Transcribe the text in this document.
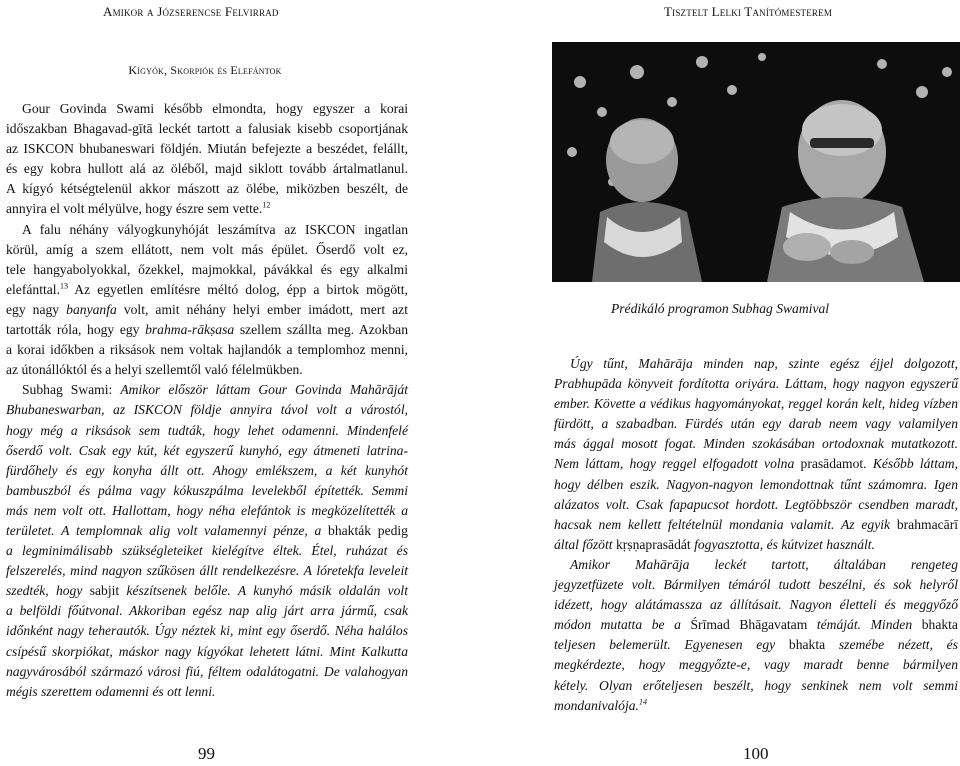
Amikor a Józserencse Felvirrad
Kígyók, Skorpiók és Elefántok
Gour Govinda Swami később elmondta, hogy egyszer a korai
időszakban Bhagavad-gītā leckét tartott a falusiak kisebb csoportjának
az ISKCON bhubaneswari földjén. Miután befejezte a beszédet, felállt,
és egy kobra hullott alá az öléből, majd siklott tovább ártalmatlanul.
A kígyó kétségtelenül akkor mászott az ölébe, miközben beszélt, de
annyira el volt mélyülve, hogy észre sem vette.$^{12}$
A falu néhány vályogkunyhóját leszámítva az ISKCON ingatlan
körül, amíg a szem ellátott, nem volt más épület. Őserdő volt ez,
tele hangyabolyokkal, őzekkel, majmokkal, pávákkal és egy alkalmi
elefánttal.$^{13}$ Az egyetlen említésre méltó dolog, épp a birtok mögött,
egy nagy banyanfa volt, amit néhány helyi ember imádott, mert azt
tartották róla, hogy egy brahma-rākṣasa szellem szállta meg. Azokban
a korai időkben a riksások nem voltak hajlandók a templomhoz menni,
az útonállóktól és a helyi szellemtől való félelmükben.
Subhag Swami: Amikor először láttam Gour Govinda Mahārāját
Bhubaneswarban, az ISKCON földje annyira távol volt a várostól,
hogy még a riksások sem tudták, hogy lehet odamenni. Mindenfelé
őserdő volt. Csak egy kút, két egyszerű kunyhó, egy átmeneti latrina-
fürdőhely és egy konyha állt ott. Ahogy emlékszem, a két kunyhót
bambuszból és pálma vagy kókuszpálma levelekből építették. Semmi
más nem volt ott. Hallottam, hogy néha elefántok is megközelítették a
területet. A templomnak alig volt valamennyi pénze, a bhakták pedig
a legminimálisabb szükségleteiket kielégítve éltek. Étel, ruházat és
felszerelés, mind nagyon szűkösen állt rendelkezésre. A lóretekfa leveleit
szedték, hogy sabjit készítsenek belőle. A kunyhó másik oldalán volt
a belföldi főútvonal. Akkoriban egész nap alig járt arra jármű, csak
időnként nagy teherautók. Úgy néztek ki, mint egy őserdő. Néha halálos
csípésű skorpiókat, máskor nagy kígyókat lehetett látni. Mint Kalkutta
nagyvárosából származó városi fiú, féltem odalátogatni. De valahogyan
mégis szerettem odamenni és ott lenni.
99
Tisztelt Lelki Tanítómesterem
Prédikáló programon Subhag Swamival
Úgy tűnt, Mahārāja minden nap, szinte egész éjjel dolgozott,
Prabhupāda könyveit fordította oriyára. Láttam, hogy nagyon egyszerű
ember. Követte a védikus hagyományokat, reggel korán kelt, hideg vízben
fürdött, a szabadban. Fürdés után egy darab neem vagy valamilyen
más ággal mosott fogat. Minden szokásában ortodoxnak mutatkozott.
Nem láttam, hogy reggel elfogadott volna prasādamot. Később láttam,
hogy délben eszik. Nagyon-nagyon lemondottnak tűnt számomra. Igen
alázatos volt. Csak fapapucsot hordott. Legtöbbször csendben maradt,
hacsak nem kellett feltételnül mondania valamit. Az egyik brahmacārī
által főzött kṛṣṇaprasādát fogyasztotta, és kútvizet használt.
Amikor Mahārāja leckét tartott, általában rengeteg
jegyzetfüzete volt. Bármilyen témáról tudott beszélni, és sok helyről
idézett, hogy alátámassza az állításait. Nagyon életteli és meggyőző
módon mutatta be a Śrīmad Bhāgavatam témáját. Minden bhakta
teljesen belemerült. Egyenesen egy bhakta szemébe nézett, és
megkérdezte, hogy meggyőzte-e, vagy maradt benne bármilyen
kétely. Olyan erőteljesen beszélt, hogy senkinek nem volt semmi
mondanivalója.$^{14}$
100
